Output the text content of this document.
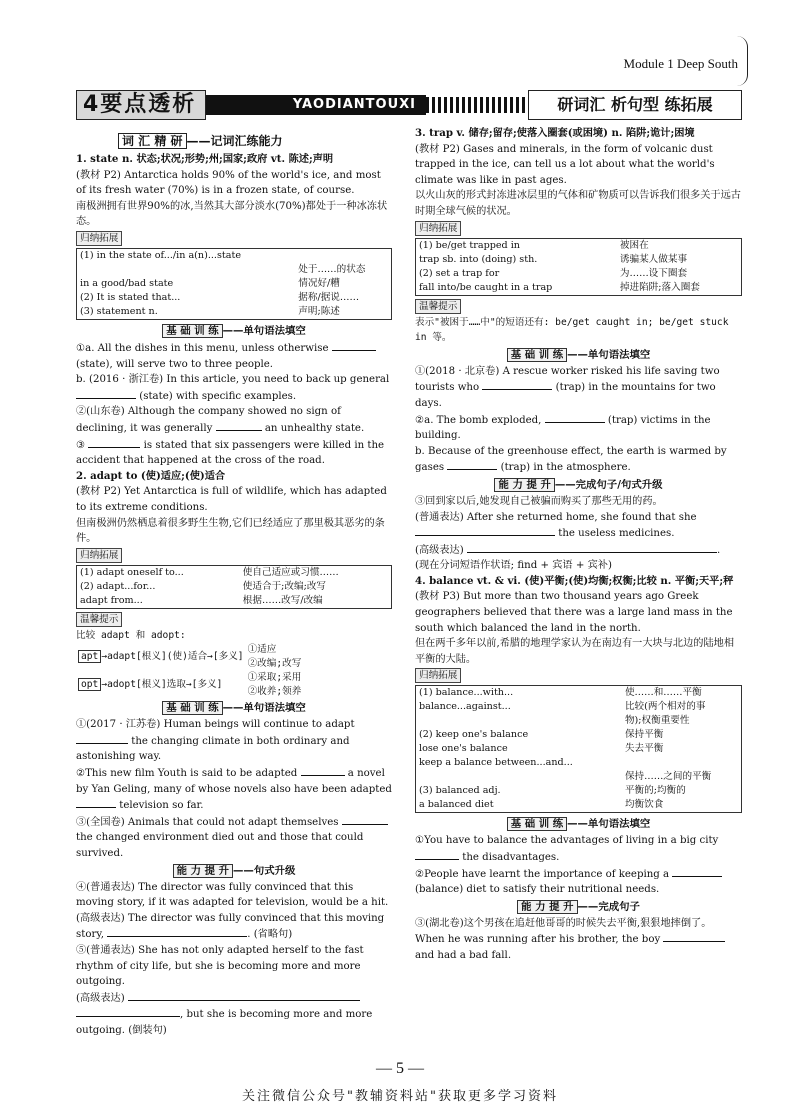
Module 1 Deep South
4要点透析	YAODIANTOUXI	研词汇 析句型 练拓展
词 汇 精 研 ——记词汇练能力

1. state n. 状态;状况;形势;州;国家;政府 vt. 陈述;声明

(教材 P2) Antarctica holds 90% of the world's ice, and most of its fresh water (70%) is in a frozen state, of course.

南极洲拥有世界90%的冰,当然其大部分淡水(70%)都处于一种冰冻状态。

归纳拓展
(1) in the state of.../in a(n)...state	
	处于……的状态
in a good/bad state	情况好/糟
(2) It is stated that...	据称/据说……
(3) statement n.	声明;陈述
基 础 训 练 ——单句语法填空

①a. All the dishes in this menu, unless otherwise  (state), will serve two to three people.

b. (2016 · 浙江卷) In this article, you need to back up general  (state) with specific examples.

②(山东卷) Although the company showed no sign of declining, it was generally	an unhealthy state.

③	is stated that six passengers were killed in the accident that happened at the cross of the road.

2. adapt to (使)适应;(使)适合

(教材 P2) Yet Antarctica is full of wildlife, which has adapted to its extreme conditions.

但南极洲仍然栖息着很多野生生物,它们已经适应了那里极其恶劣的条件。

归纳拓展
(1) adapt oneself to...	使自己适应或习惯……
(2) adapt...for...	使适合于;改编;改写
adapt from...	根据……改写/改编
温馨提示

比较 adapt 和 adopt:

apt →adapt[根义](使)适合→[多义]	①适应
	②改编;改写
opt →adopt[根义]选取→[多义]	①采取;采用
	②收养;领养
基 础 训 练 ——单句语法填空

①(2017 · 江苏卷) Human beings will continue to adapt  the changing climate in both ordinary and astonishing way.

②This new film Youth is said to be adapted	a novel by Yan Geling, many of whose novels also have been adapted  television so far.

③(全国卷) Animals that could not adapt themselves  the changed environment died out and those that could survived.

能 力 提 升 ——句式升级

④(普通表达) The director was fully convinced that this moving story, if it was adapted for television, would be a hit.

(高级表达) The director was fully convinced that this moving story,	. (省略句)

⑤(普通表达) She has not only adapted herself to the fast rhythm of city life, but she is becoming more and more outgoing.

(高级表达)

, but she is becoming more and more outgoing. (倒装句)

3. trap v. 储存;留存;使落入圈套(或困境) n. 陷阱;诡计;困境

(教材 P2) Gases and minerals, in the form of volcanic dust trapped in the ice, can tell us a lot about what the world's climate was like in past ages.

以火山灰的形式封冻进冰层里的气体和矿物质可以告诉我们很多关于远古时期全球气候的状况。

归纳拓展
(1) be/get trapped in	被困在
trap sb. into (doing) sth.	诱骗某人做某事
(2) set a trap for	为……设下圈套
fall into/be caught in a trap	掉进陷阱;落入圈套
温馨提示

表示"被困于……中"的短语还有: be/get caught in; be/get stuck in 等。

基 础 训 练 ——单句语法填空

①(2018 · 北京卷) A rescue worker risked his life saving two tourists who	(trap) in the mountains for two days.

②a. The bomb exploded,	(trap) victims in the building.

b. Because of the greenhouse effect, the earth is warmed by gases	(trap) in the atmosphere.

能 力 提 升 ——完成句子/句式升级

③回到家以后,她发现自己被骗而购买了那些无用的药。

(普通表达) After she returned home, she found that she  the useless medicines.

(高级表达)	.

(现在分词短语作状语; find + 宾语 + 宾补)

4. balance vt. & vi. (使)平衡;(使)均衡;权衡;比较 n. 平衡;天平;秤

(教材 P3) But more than two thousand years ago Greek geographers believed that there was a large land mass in the south which balanced the land in the north.

但在两千多年以前,希腊的地理学家认为在南边有一大块与北边的陆地相平衡的大陆。

归纳拓展
(1) balance...with...	使……和……平衡
balance...against...	比较(两个相对的事
	物);权衡重要性
(2) keep one's balance	保持平衡
lose one's balance	失去平衡
keep a balance between...and...	
	保持……之间的平衡
(3) balanced adj.	平衡的;均衡的
a balanced diet	均衡饮食
基 础 训 练 ——单句语法填空

①You have to balance the advantages of living in a big city  the disadvantages.

②People have learnt the importance of keeping a  (balance) diet to satisfy their nutritional needs.

能 力 提 升 ——完成句子

③(湖北卷)这个男孩在追赶他哥哥的时候失去平衡,狠狠地摔倒了。

When he was running after his brother, the boy

and had a bad fall.

— 5 —
关注微信公众号"教辅资料站"获取更多学习资料
